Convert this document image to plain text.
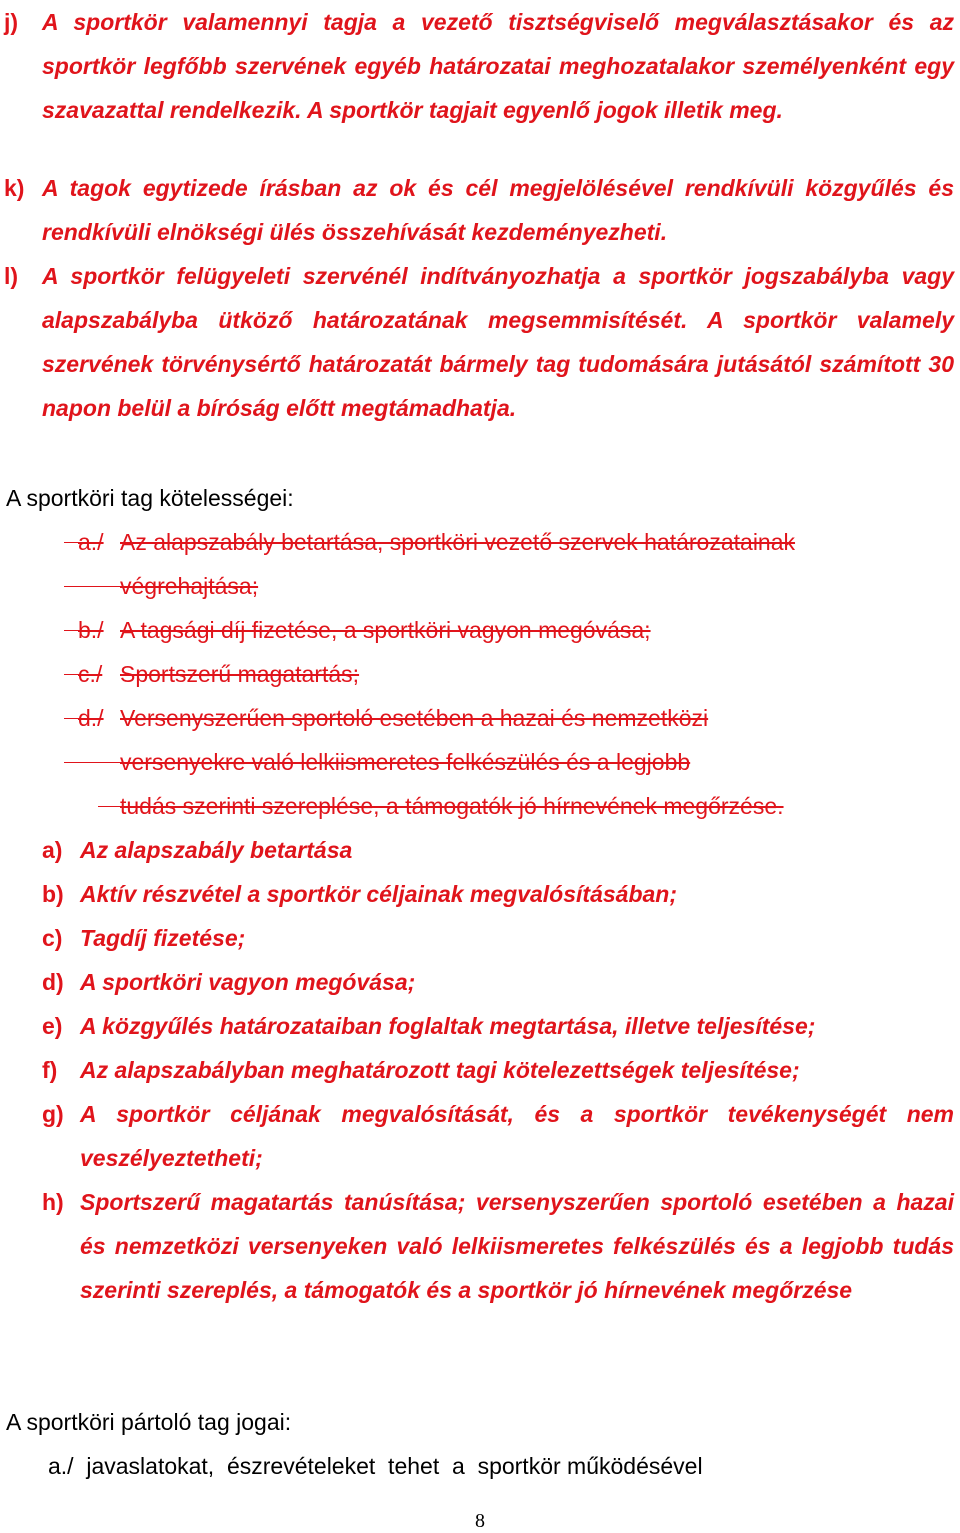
j) A sportkör valamennyi tagja a vezető tisztségviselő megválasztásakor és az sportkör legfőbb szervének egyéb határozatai meghozatalakor személyenként egy szavazattal rendelkezik. A sportkör tagjait egyenlő jogok illetik meg.
k) A tagok egytizede írásban az ok és cél megjelölésével rendkívüli közgyűlés és rendkívüli elnökségi ülés összehívását kezdeményezheti.
l) A sportkör felügyeleti szervénél indítványozhatja a sportkör jogszabályba vagy alapszabályba ütköző határozatának megsemmisítését. A sportkör valamely szervének törvénysértő határozatát bármely tag tudomására jutásától számított 30 napon belül a bíróság előtt megtámadhatja.
A sportköri tag kötelességei:
a./ Az alapszabály betartása, sportköri vezető szervek határozatainak
végrehajtása;
b./ A tagsági díj fizetése, a sportköri vagyon megóvása;
c./ Sportszerű magatartás;
d./ Versenyszerűen sportoló esetében a hazai és nemzetközi
versenyekre való lelkiismeretes felkészülés és a legjobb
tudás szerinti szereplése, a támogatók jó hírnevének megőrzése.
a) Az alapszabály betartása
b) Aktív részvétel a sportkör céljainak megvalósításában;
c) Tagdíj fizetése;
d) A sportköri vagyon megóvása;
e) A közgyűlés határozataiban foglaltak megtartása, illetve teljesítése;
f) Az alapszabályban meghatározott tagi kötelezettségek teljesítése;
g) A sportkör céljának megvalósítását, és a sportkör tevékenységét nem veszélyeztetheti;
h) Sportszerű magatartás tanúsítása; versenyszerűen sportoló esetében a hazai és nemzetközi versenyeken való lelkiismeretes felkészülés és a legjobb tudás szerinti szereplés, a támogatók és a sportkör jó hírnevének megőrzése
A sportköri pártoló tag jogai:
a./  javaslatokat,  észrevételeket  tehet  a  sportkör működésével
8
